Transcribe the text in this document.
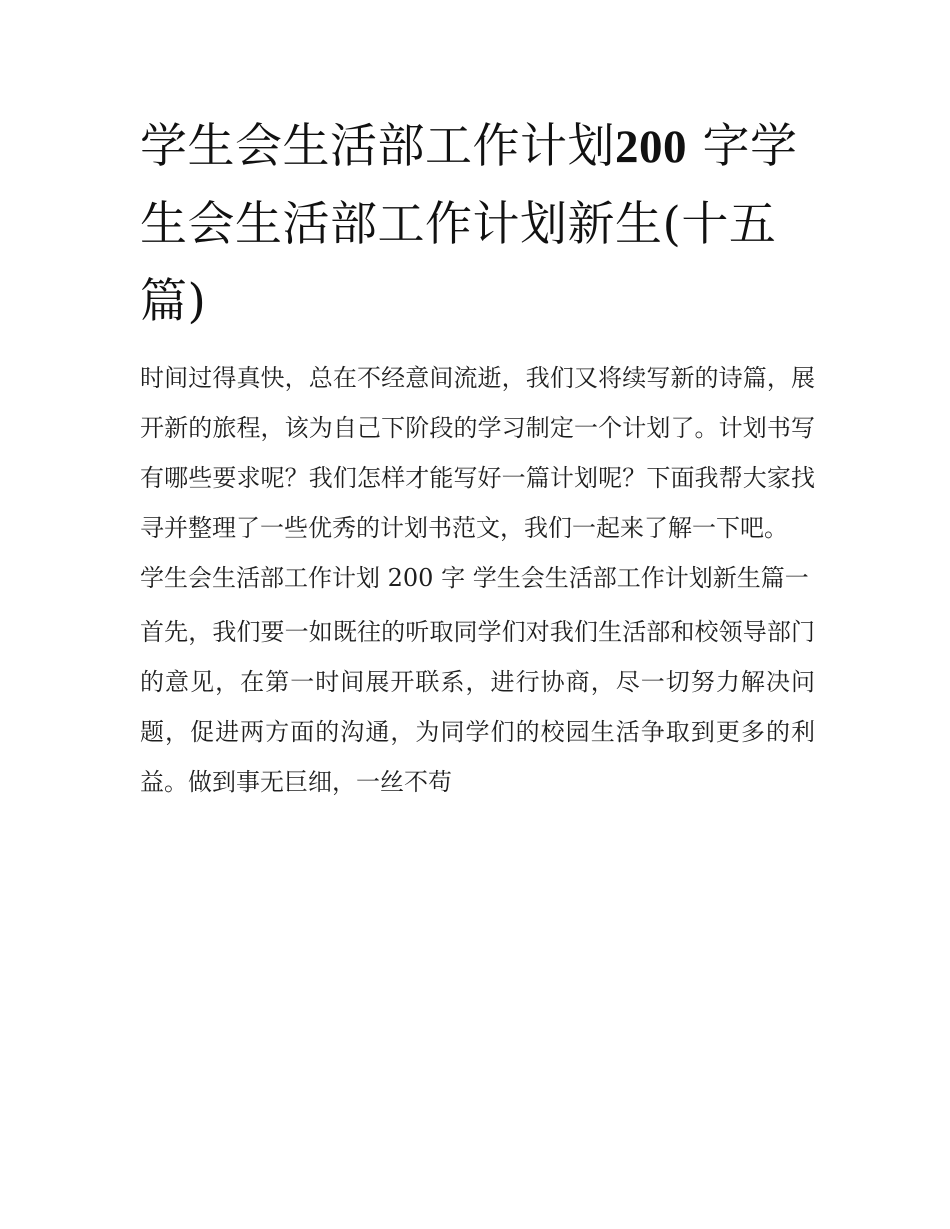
学生会生活部工作计划200 字学生会生活部工作计划新生(十五篇)

时间过得真快，总在不经意间流逝，我们又将续写新的诗篇，展开新的旅程，该为自己下阶段的学习制定一个计划了。计划书写有哪些要求呢？我们怎样才能写好一篇计划呢？下面我帮大家找寻并整理了一些优秀的计划书范文，我们一起来了解一下吧。

学生会生活部工作计划 200 字 学生会生活部工作计划新生篇一

首先，我们要一如既往的听取同学们对我们生活部和校领导部门的意见，在第一时间展开联系，进行协商，尽一切努力解决问题，促进两方面的沟通，为同学们的校园生活争取到更多的利益。做到事无巨细，一丝不苟
